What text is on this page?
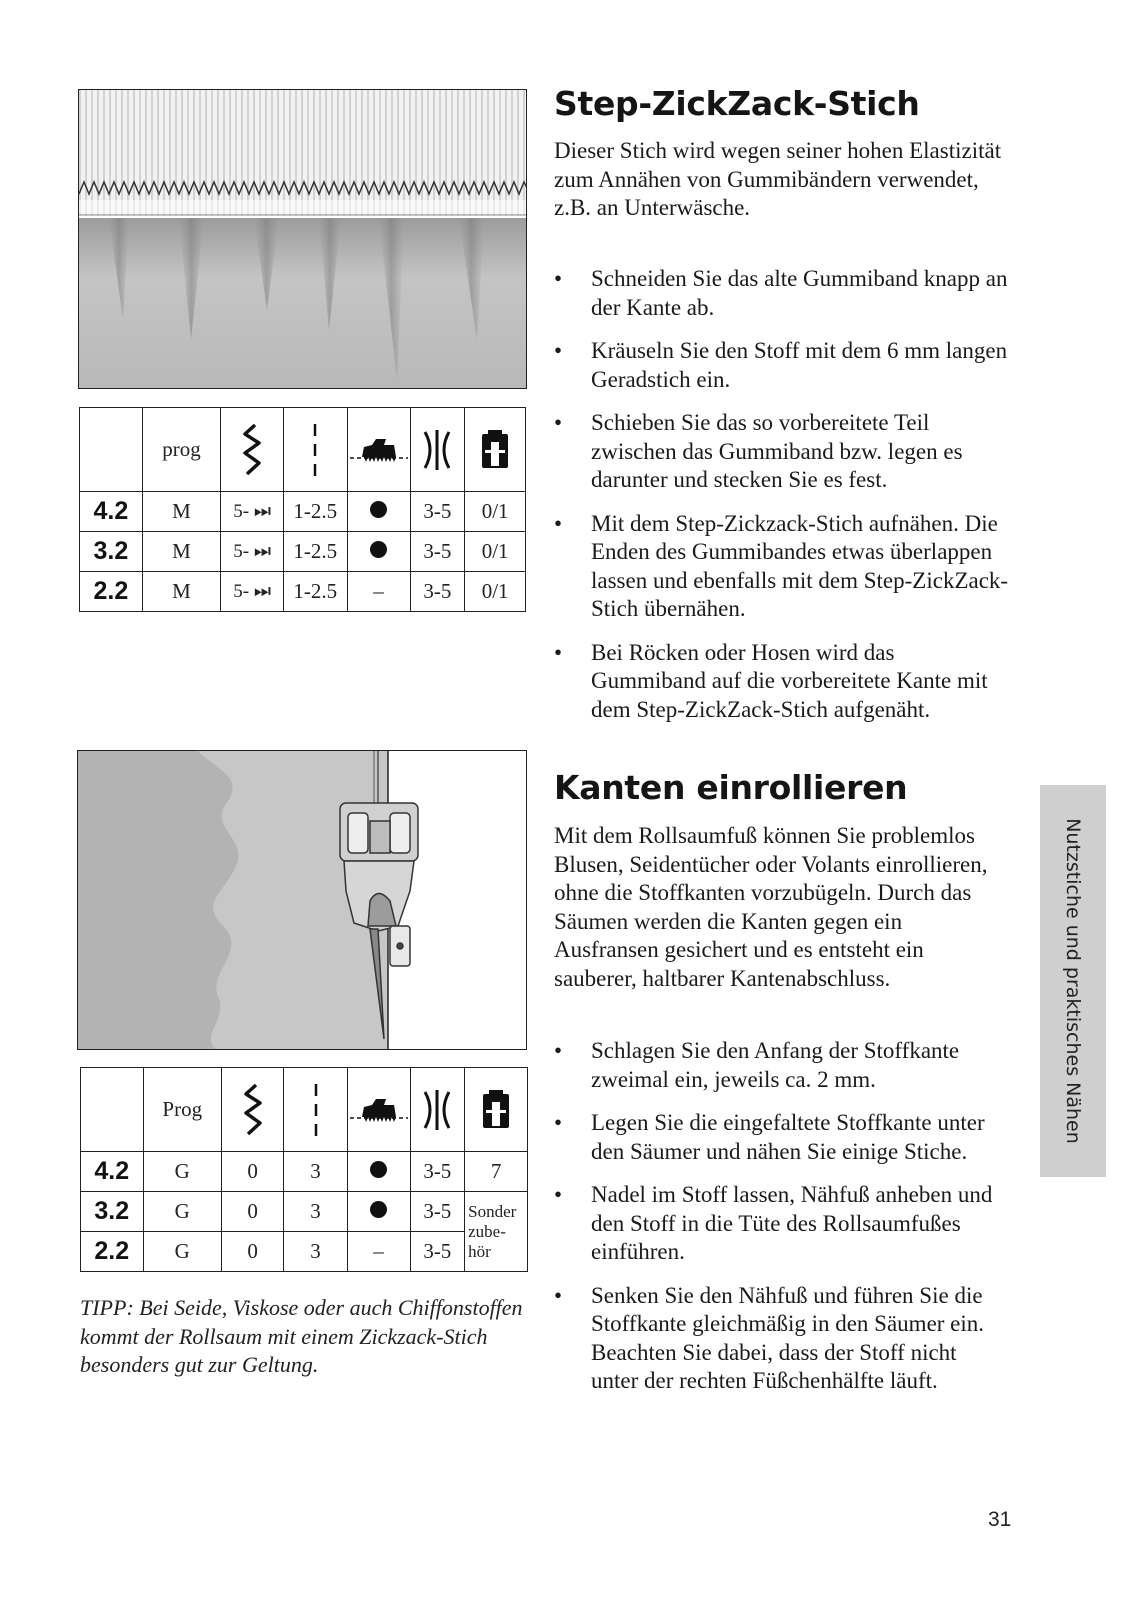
	prog	

4.2	M	5- ⏭	1-2.5		3-5	0/1
3.2	M	5- ⏭	1-2.5		3-5	0/1
2.2	M	5- ⏭	1-2.5	–	3-5	0/1
	Prog	

4.2	G	0	3		3-5	7
3.2	G	0	3		3-5	Sonder
zube-
hör

2.2	G	0	3	–	3-5	

TIPP: Bei Seide, Viskose oder auch Chiffonstoffen kommt der Rollsaum mit einem Zickzack-Stich besonders gut zur Geltung.

Step-ZickZack-Stich

Dieser Stich wird wegen seiner hohen Elastizität zum Annähen von Gummibändern verwendet, z.B. an Unterwäsche.

• Schneiden Sie das alte Gummiband knapp an der Kante ab.
• Kräuseln Sie den Stoff mit dem 6 mm langen Geradstich ein.
• Schieben Sie das so vorbereitete Teil zwischen das Gummiband bzw. legen es darunter und stecken Sie es fest.
• Mit dem Step-Zickzack-Stich aufnähen. Die Enden des Gummibandes etwas überlappen lassen und ebenfalls mit dem Step-ZickZack-Stich übernähen.
• Bei Röcken oder Hosen wird das Gummiband auf die vorbereitete Kante mit dem Step-ZickZack-Stich aufgenäht.
Kanten einrollieren

Mit dem Rollsaumfuß können Sie problemlos Blusen, Seidentücher oder Volants einrollieren, ohne die Stoffkanten vorzubügeln. Durch das Säumen werden die Kanten gegen ein Ausfransen gesichert und es entsteht ein sauberer, haltbarer Kantenabschluss.

• Schlagen Sie den Anfang der Stoffkante zweimal ein, jeweils ca. 2 mm.
• Legen Sie die eingefaltete Stoffkante unter den Säumer und nähen Sie einige Stiche.
• Nadel im Stoff lassen, Nähfuß anheben und den Stoff in die Tüte des Rollsaumfußes einführen.
• Senken Sie den Nähfuß und führen Sie die Stoffkante gleichmäßig in den Säumer ein. Beachten Sie dabei, dass der Stoff nicht unter der rechten Füßchenhälfte läuft.
Nutzstiche und praktisches Nähen
31
